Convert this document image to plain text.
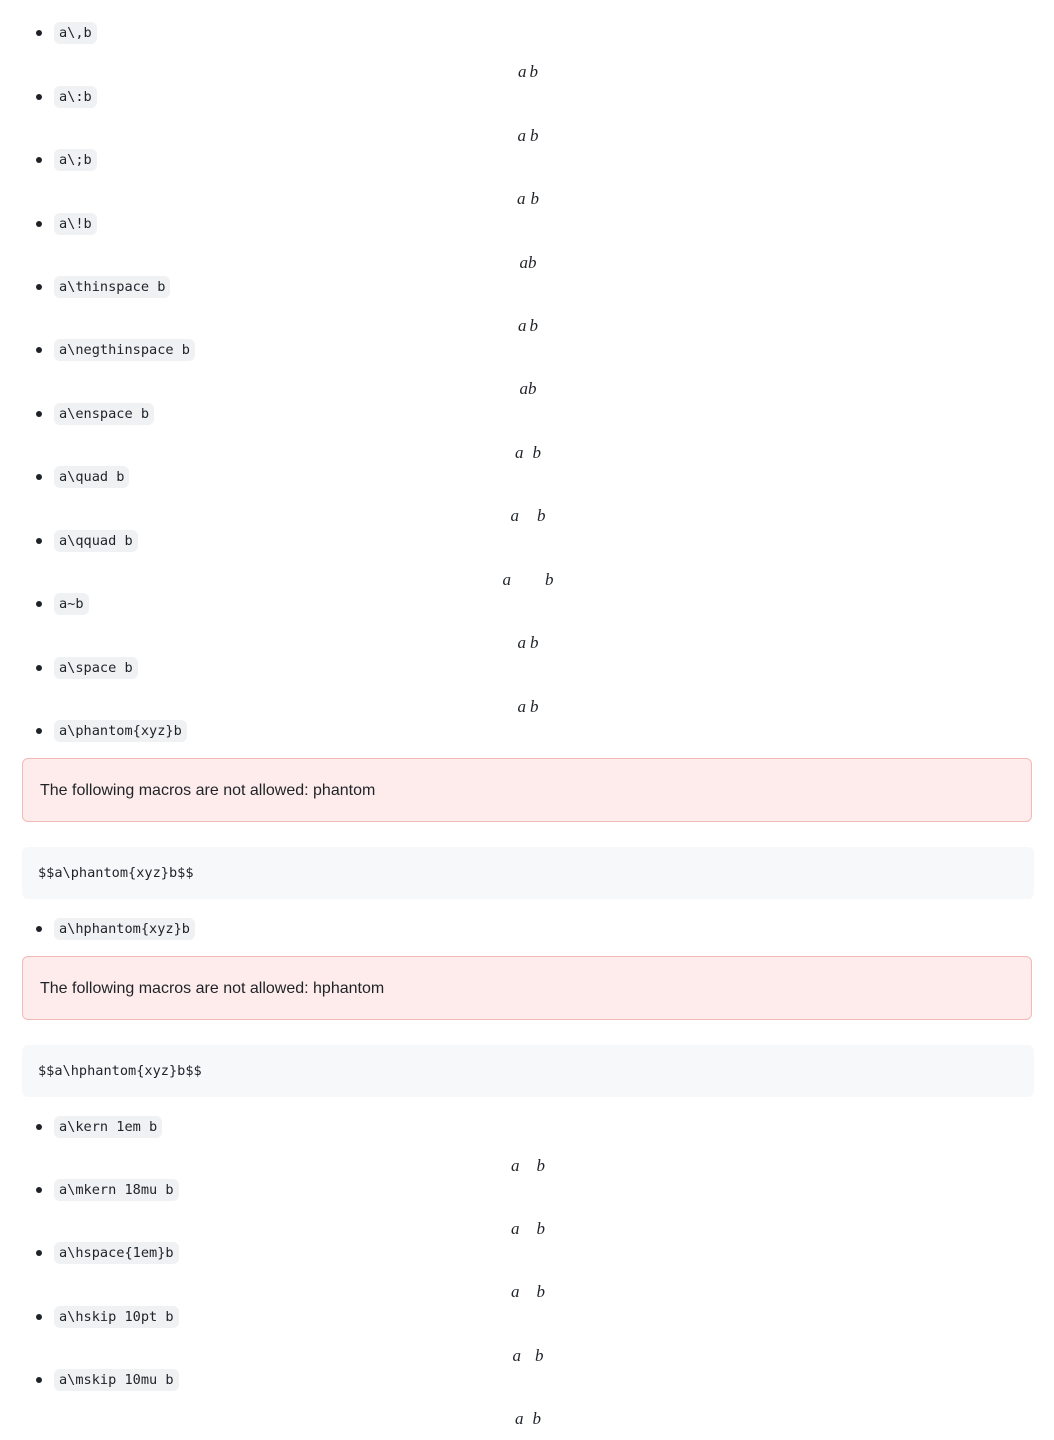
a\,b
a b
a\:b
a b
a\;b
a b
a\!b
ab
a\thinspace b
a b
a\negthinspace b
ab
a\enspace b
a b
a\quad b
a b
a\qquad b
a b
a~b
a b
a\space b
a b
a\phantom{xyz}b
The following macros are not allowed: phantom
$$a\phantom{xyz}b$$
a\hphantom{xyz}b
The following macros are not allowed: hphantom
$$a\hphantom{xyz}b$$
a\kern 1em b
a b
a\mkern 18mu b
a b
a\hspace{1em}b
a b
a\hskip 10pt b
a b
a\mskip 10mu b
a b
